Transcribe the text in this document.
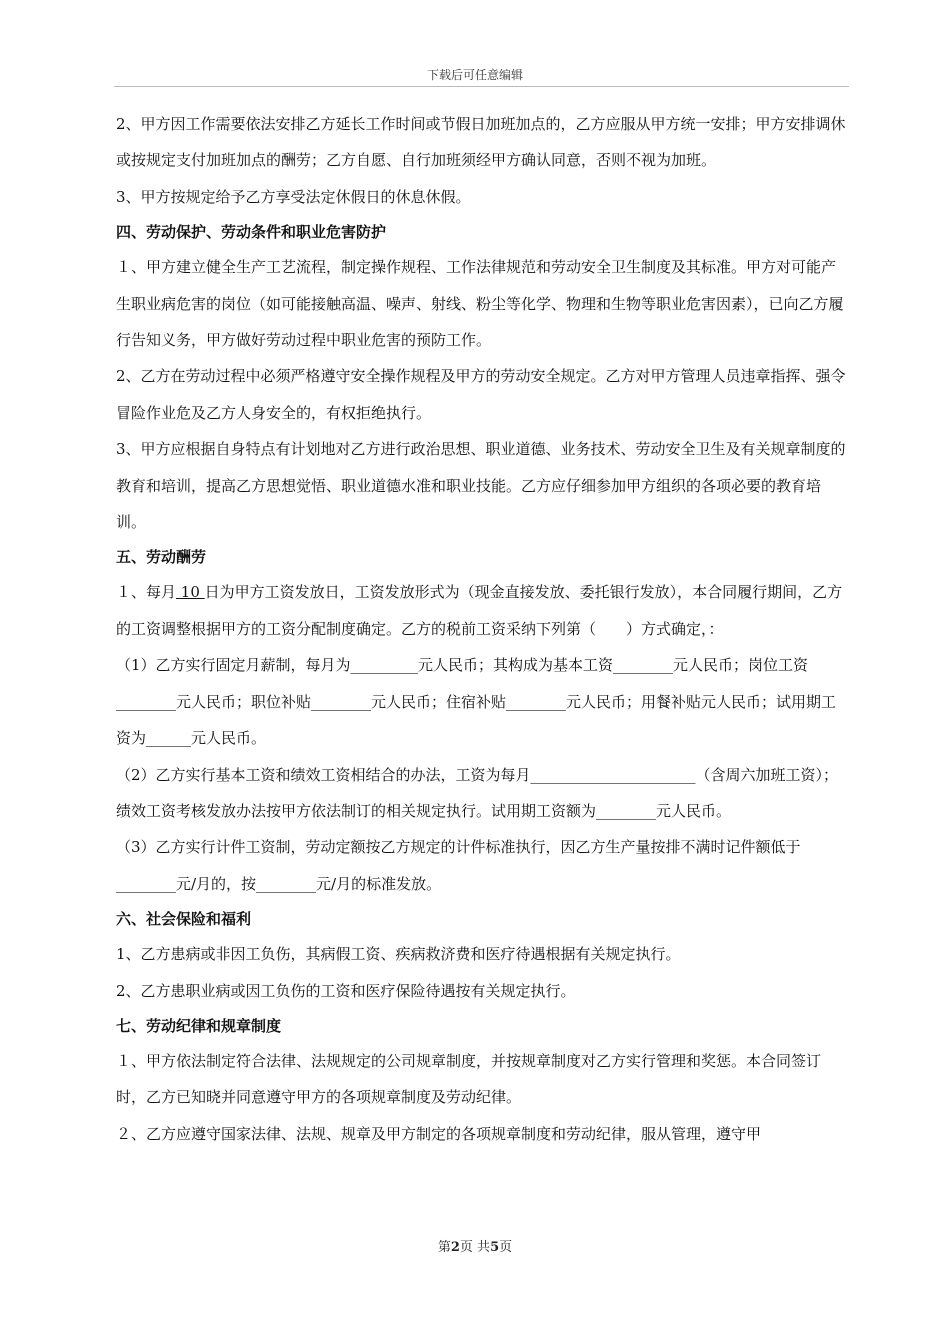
下载后可任意编辑

2、甲方因工作需要依法安排乙方延长工作时间或节假日加班加点的，乙方应服从甲方统一安排；甲方安排调休或按规定支付加班加点的酬劳；乙方自愿、自行加班须经甲方确认同意，否则不视为加班。

3、甲方按规定给予乙方享受法定休假日的休息休假。

四、劳动保护、劳动条件和职业危害防护

１、甲方建立健全生产工艺流程，制定操作规程、工作法律规范和劳动安全卫生制度及其标准。甲方对可能产生职业病危害的岗位（如可能接触高温、噪声、射线、粉尘等化学、物理和生物等职业危害因素），已向乙方履行告知义务，甲方做好劳动过程中职业危害的预防工作。

2、乙方在劳动过程中必须严格遵守安全操作规程及甲方的劳动安全规定。乙方对甲方管理人员违章指挥、强令冒险作业危及乙方人身安全的，有权拒绝执行。

3、甲方应根据自身特点有计划地对乙方进行政治思想、职业道德、业务技术、劳动安全卫生及有关规章制度的教育和培训，提高乙方思想觉悟、职业道德水准和职业技能。乙方应仔细参加甲方组织的各项必要的教育培训。

五、劳动酬劳

１、每月 10 日为甲方工资发放日，工资发放形式为（现金直接发放、委托银行发放），本合同履行期间，乙方的工资调整根据甲方的工资分配制度确定。乙方的税前工资采纳下列第（　　）方式确定，：

（1）乙方实行固定月薪制，每月为_________元人民币；其构成为基本工资________元人民币；岗位工资________元人民币；职位补贴________元人民币；住宿补贴________元人民币；用餐补贴元人民币；试用期工资为______元人民币。

（2）乙方实行基本工资和绩效工资相结合的办法，工资为每月______________________（含周六加班工资）；绩效工资考核发放办法按甲方依法制订的相关规定执行。试用期工资额为________元人民币。

（3）乙方实行计件工资制，劳动定额按乙方规定的计件标准执行，因乙方生产量按排不满时记件额低于________元/月的，按________元/月的标准发放。

六、社会保险和福利

1、乙方患病或非因工负伤，其病假工资、疾病救济费和医疗待遇根据有关规定执行。

2、乙方患职业病或因工负伤的工资和医疗保险待遇按有关规定执行。

七、劳动纪律和规章制度

１、甲方依法制定符合法律、法规规定的公司规章制度，并按规章制度对乙方实行管理和奖惩。本合同签订时，乙方已知晓并同意遵守甲方的各项规章制度及劳动纪律。

２、乙方应遵守国家法律、法规、规章及甲方制定的各项规章制度和劳动纪律，服从管理，遵守甲

第2页 共5页
